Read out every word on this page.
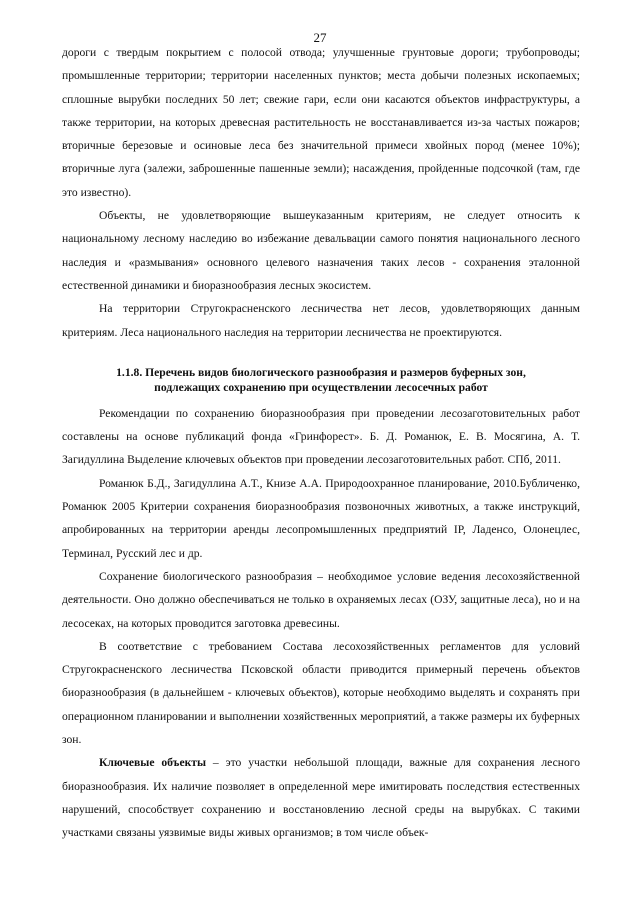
27

дороги с твердым покрытием с полосой отвода; улучшенные грунтовые дороги; трубопроводы; промышленные территории; территории населенных пунктов; места добычи полезных ископаемых; сплошные вырубки последних 50 лет; свежие гари, если они касаются объектов инфраструктуры, а также территории, на которых древесная растительность не восстанавливается из-за частых пожаров; вторичные березовые и осиновые леса без значительной примеси хвойных пород (менее 10%); вторичные луга (залежи, заброшенные пашенные земли); насаждения, пройденные подсочкой (там, где это известно).

Объекты, не удовлетворяющие вышеуказанным критериям, не следует относить к национальному лесному наследию во избежание девальвации самого понятия национального лесного наследия и «размывания» основного целевого назначения таких лесов - сохранения эталонной естественной динамики и биоразнообразия лесных экосистем.

На территории Стругокрасненского лесничества нет лесов, удовлетворяющих данным критериям. Леса национального наследия на территории лесничества не проектируются.

1.1.8. Перечень видов биологического разнообразия и размеров буферных зон,
подлежащих сохранению при осуществлении лесосечных работ

Рекомендации по сохранению биоразнообразия при проведении лесозаготовительных работ составлены на основе публикаций фонда «Гринфорест». Б. Д. Романюк, Е. В. Мосягина, А. Т. Загидуллина Выделение ключевых объектов при проведении лесозаготовительных работ. СПб, 2011.

Романюк Б.Д., Загидуллина А.Т., Книзе А.А. Природоохранное планирование, 2010.Бубличенко, Романюк 2005 Критерии сохранения биоразнообразия позвоночных животных, а также инструкций, апробированных на территории аренды лесопромышленных предприятий IP, Ладенсо, Олонецлес, Терминал, Русский лес и др.

Сохранение биологического разнообразия – необходимое условие ведения лесохозяйственной деятельности. Оно должно обеспечиваться не только в охраняемых лесах (ОЗУ, защитные леса), но и на лесосеках, на которых проводится заготовка древесины.

В соответствие с требованием Состава лесохозяйственных регламентов для условий Стругокрасненского лесничества Псковской области приводится примерный перечень объектов биоразнообразия (в дальнейшем - ключевых объектов), которые необходимо выделять и сохранять при операционном планировании и выполнении хозяйственных мероприятий, а также размеры их буферных зон.

Ключевые объекты – это участки небольшой площади, важные для сохранения лесного биоразнообразия. Их наличие позволяет в определенной мере имитировать последствия естественных нарушений, способствует сохранению и восстановлению лесной среды на вырубках. С такими участками связаны уязвимые виды живых организмов; в том числе объек-
